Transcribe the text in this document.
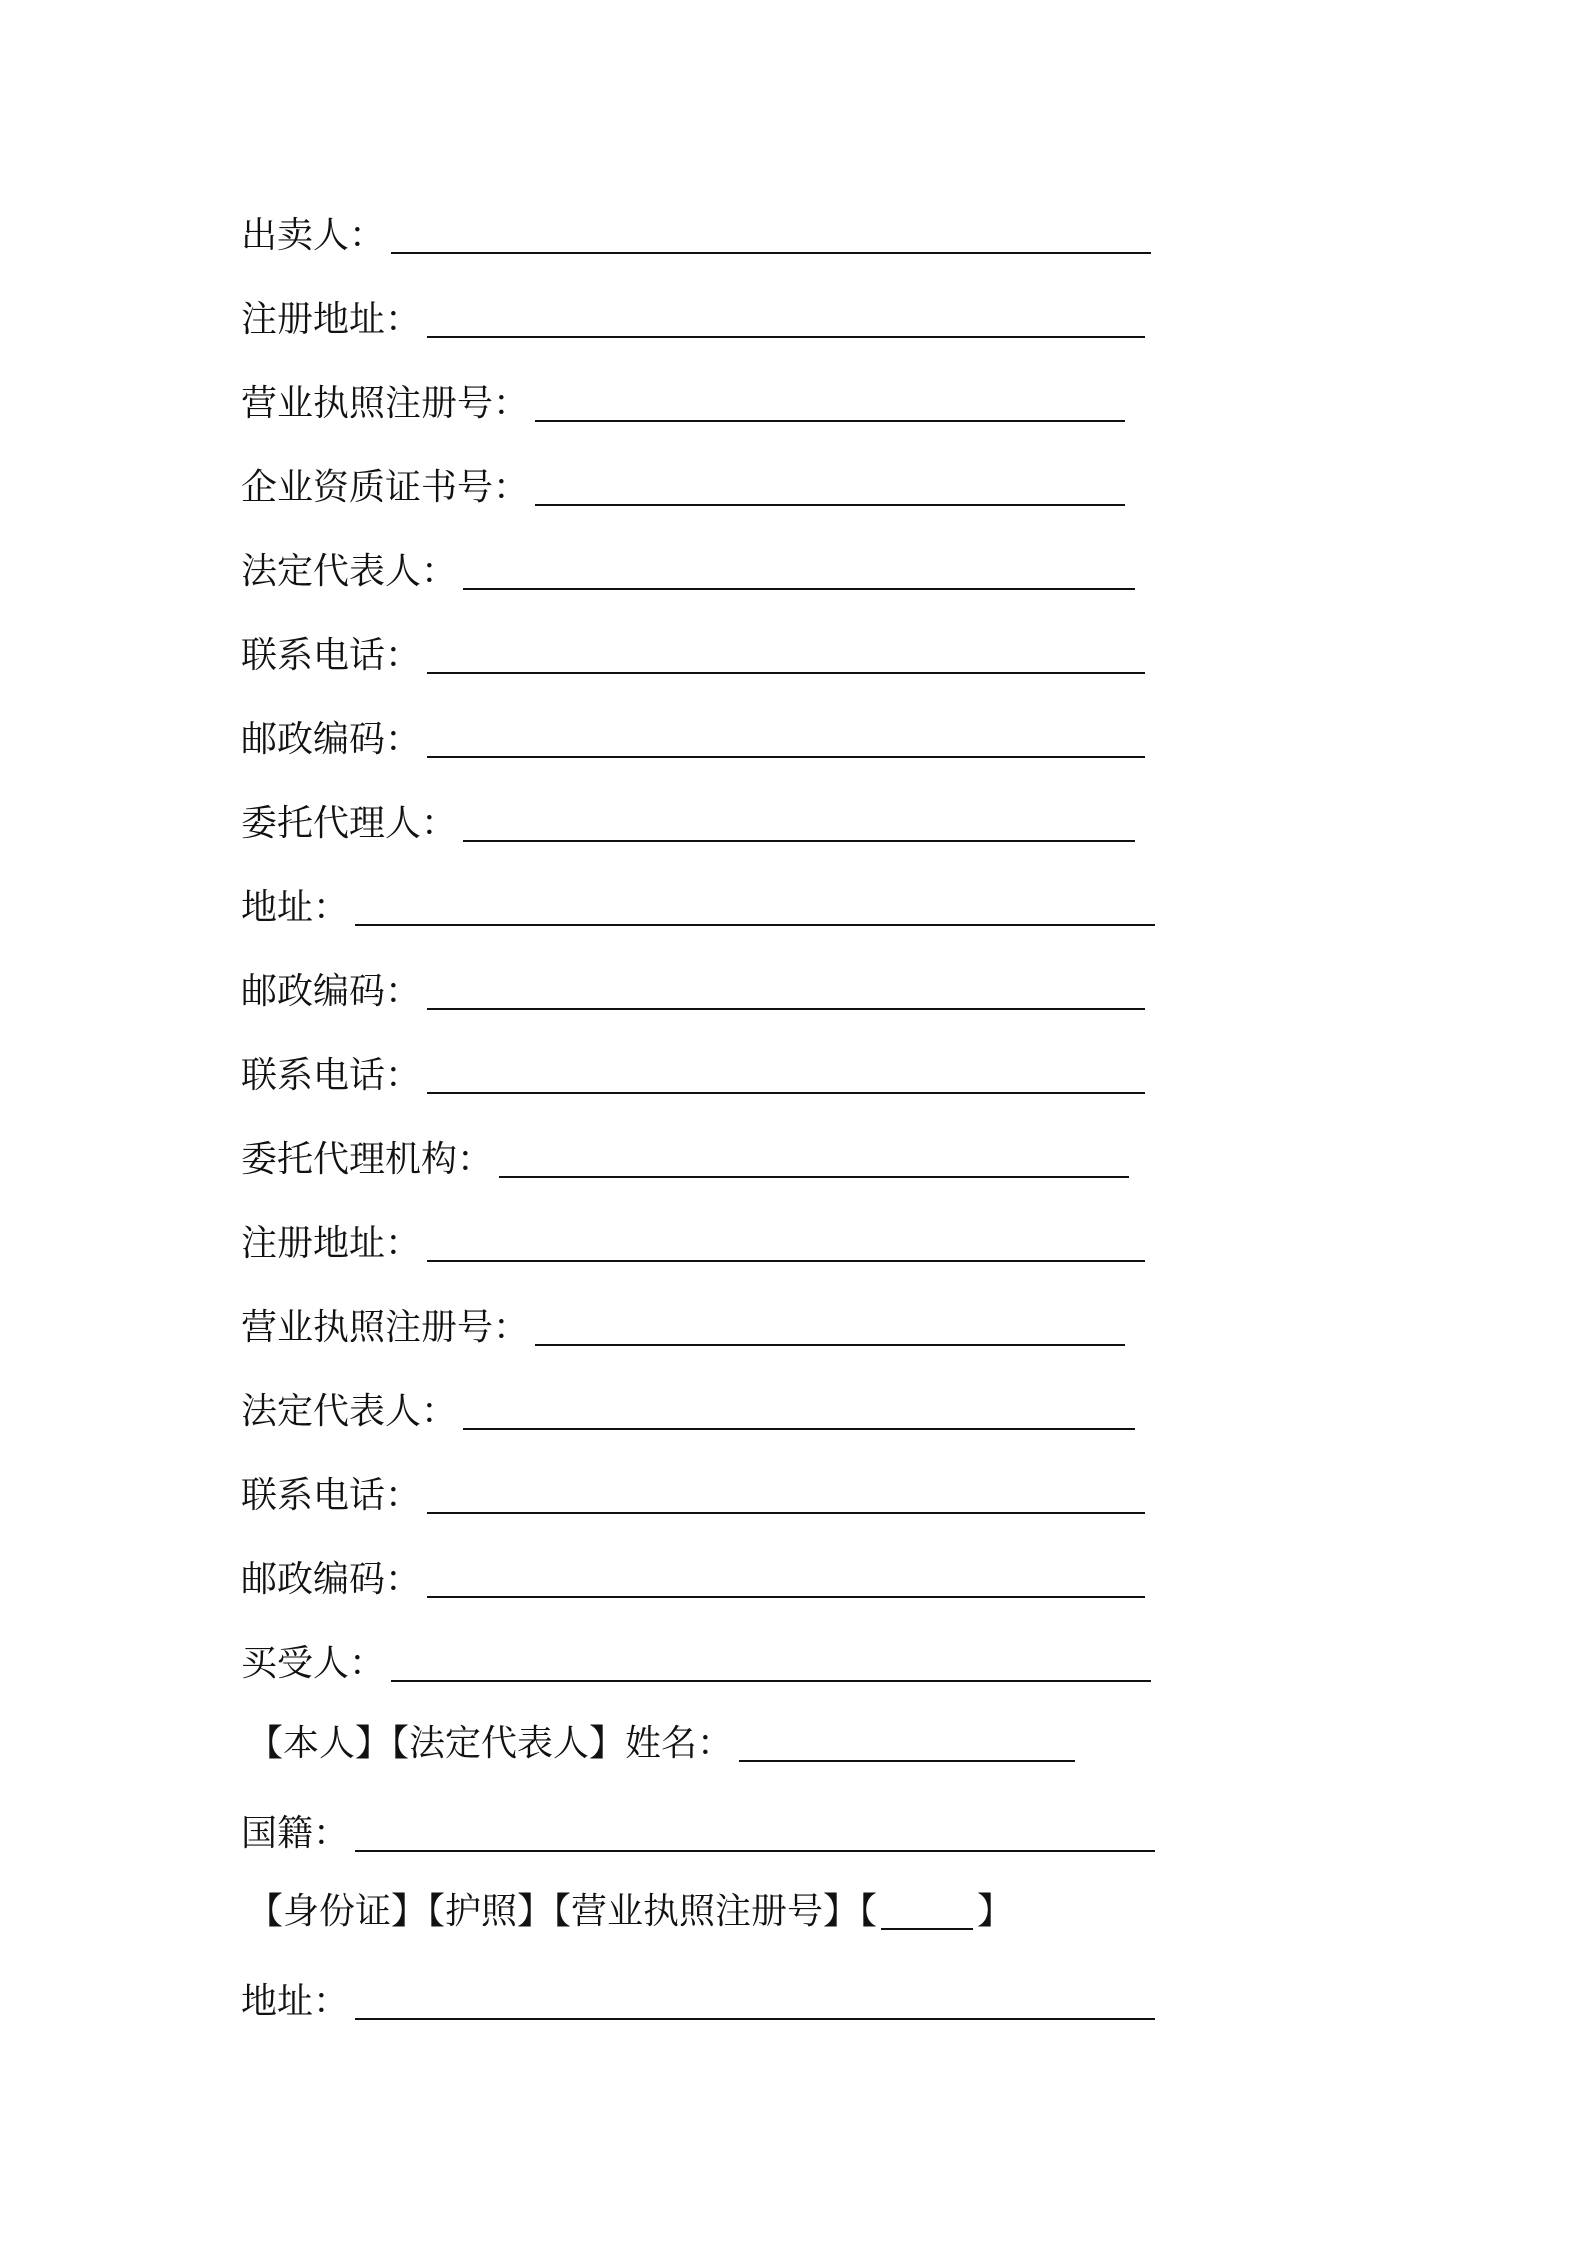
出卖人：
注册地址：
营业执照注册号：
企业资质证书号：
法定代表人：
联系电话：
邮政编码：
委托代理人：
地址：
邮政编码：
联系电话：
委托代理机构：
注册地址：
营业执照注册号：
法定代表人：
联系电话：
邮政编码：
买受人：
【本人】【法定代表人】姓名：
国籍：
【身份证】【护照】【营业执照注册号】【	】
地址：
